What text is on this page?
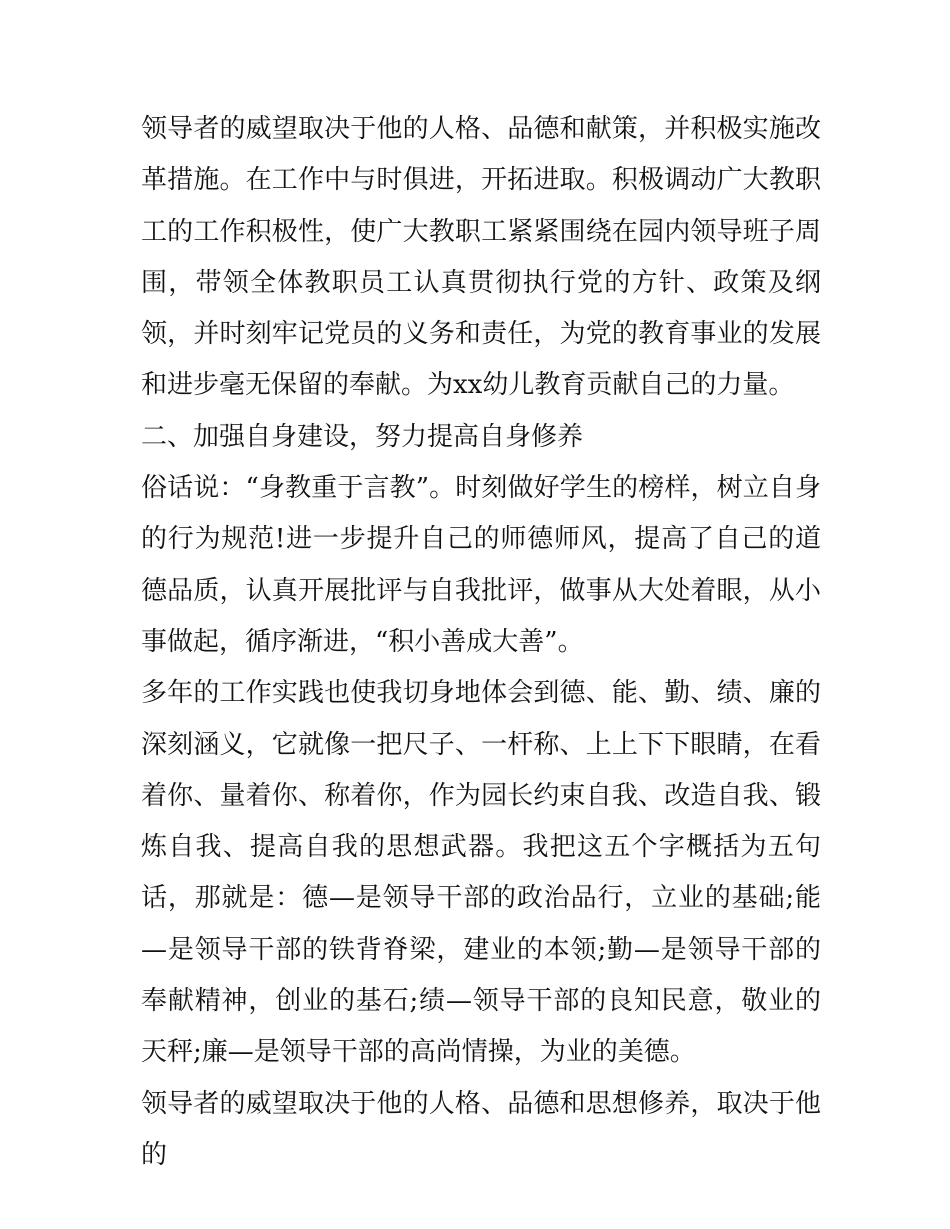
领导者的威望取决于他的人格、品德和献策，并积极实施改革措施。在工作中与时俱进，开拓进取。积极调动广大教职工的工作积极性，使广大教职工紧紧围绕在园内领导班子周围，带领全体教职员工认真贯彻执行党的方针、政策及纲领，并时刻牢记党员的义务和责任，为党的教育事业的发展和进步毫无保留的奉献。为xx幼儿教育贡献自己的力量。

二、加强自身建设，努力提高自身修养

俗话说：“身教重于言教”。时刻做好学生的榜样，树立自身的行为规范!进一步提升自己的师德师风，提高了自己的道德品质，认真开展批评与自我批评，做事从大处着眼，从小事做起，循序渐进，“积小善成大善”。

多年的工作实践也使我切身地体会到德、能、勤、绩、廉的深刻涵义，它就像一把尺子、一杆称、上上下下眼睛，在看着你、量着你、称着你，作为园长约束自我、改造自我、锻炼自我、提高自我的思想武器。我把这五个字概括为五句话，那就是：德—是领导干部的政治品行，立业的基础;能—是领导干部的铁背脊梁，建业的本领;勤—是领导干部的奉献精神，创业的基石;绩—领导干部的良知民意，敬业的天秤;廉—是领导干部的高尚情操，为业的美德。

领导者的威望取决于他的人格、品德和思想修养，取决于他的
